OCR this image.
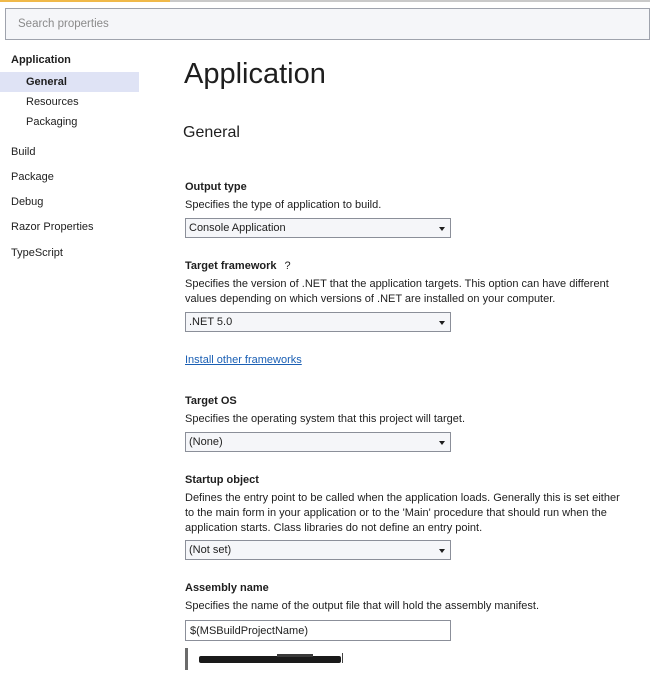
Search properties
Application
General
Resources
Packaging
Build
Package
Debug
Razor Properties
TypeScript
Application
General
Output type
Specifies the type of application to build.
Console Application
Target framework ?
Specifies the version of .NET that the application targets. This option can have different values depending on which versions of .NET are installed on your computer.
.NET 5.0
Install other frameworks
Target OS
Specifies the operating system that this project will target.
(None)
Startup object
Defines the entry point to be called when the application loads. Generally this is set either to the main form in your application or to the 'Main' procedure that should run when the application starts. Class libraries do not define an entry point.
(Not set)
Assembly name
Specifies the name of the output file that will hold the assembly manifest.
$(MSBuildProjectName)
